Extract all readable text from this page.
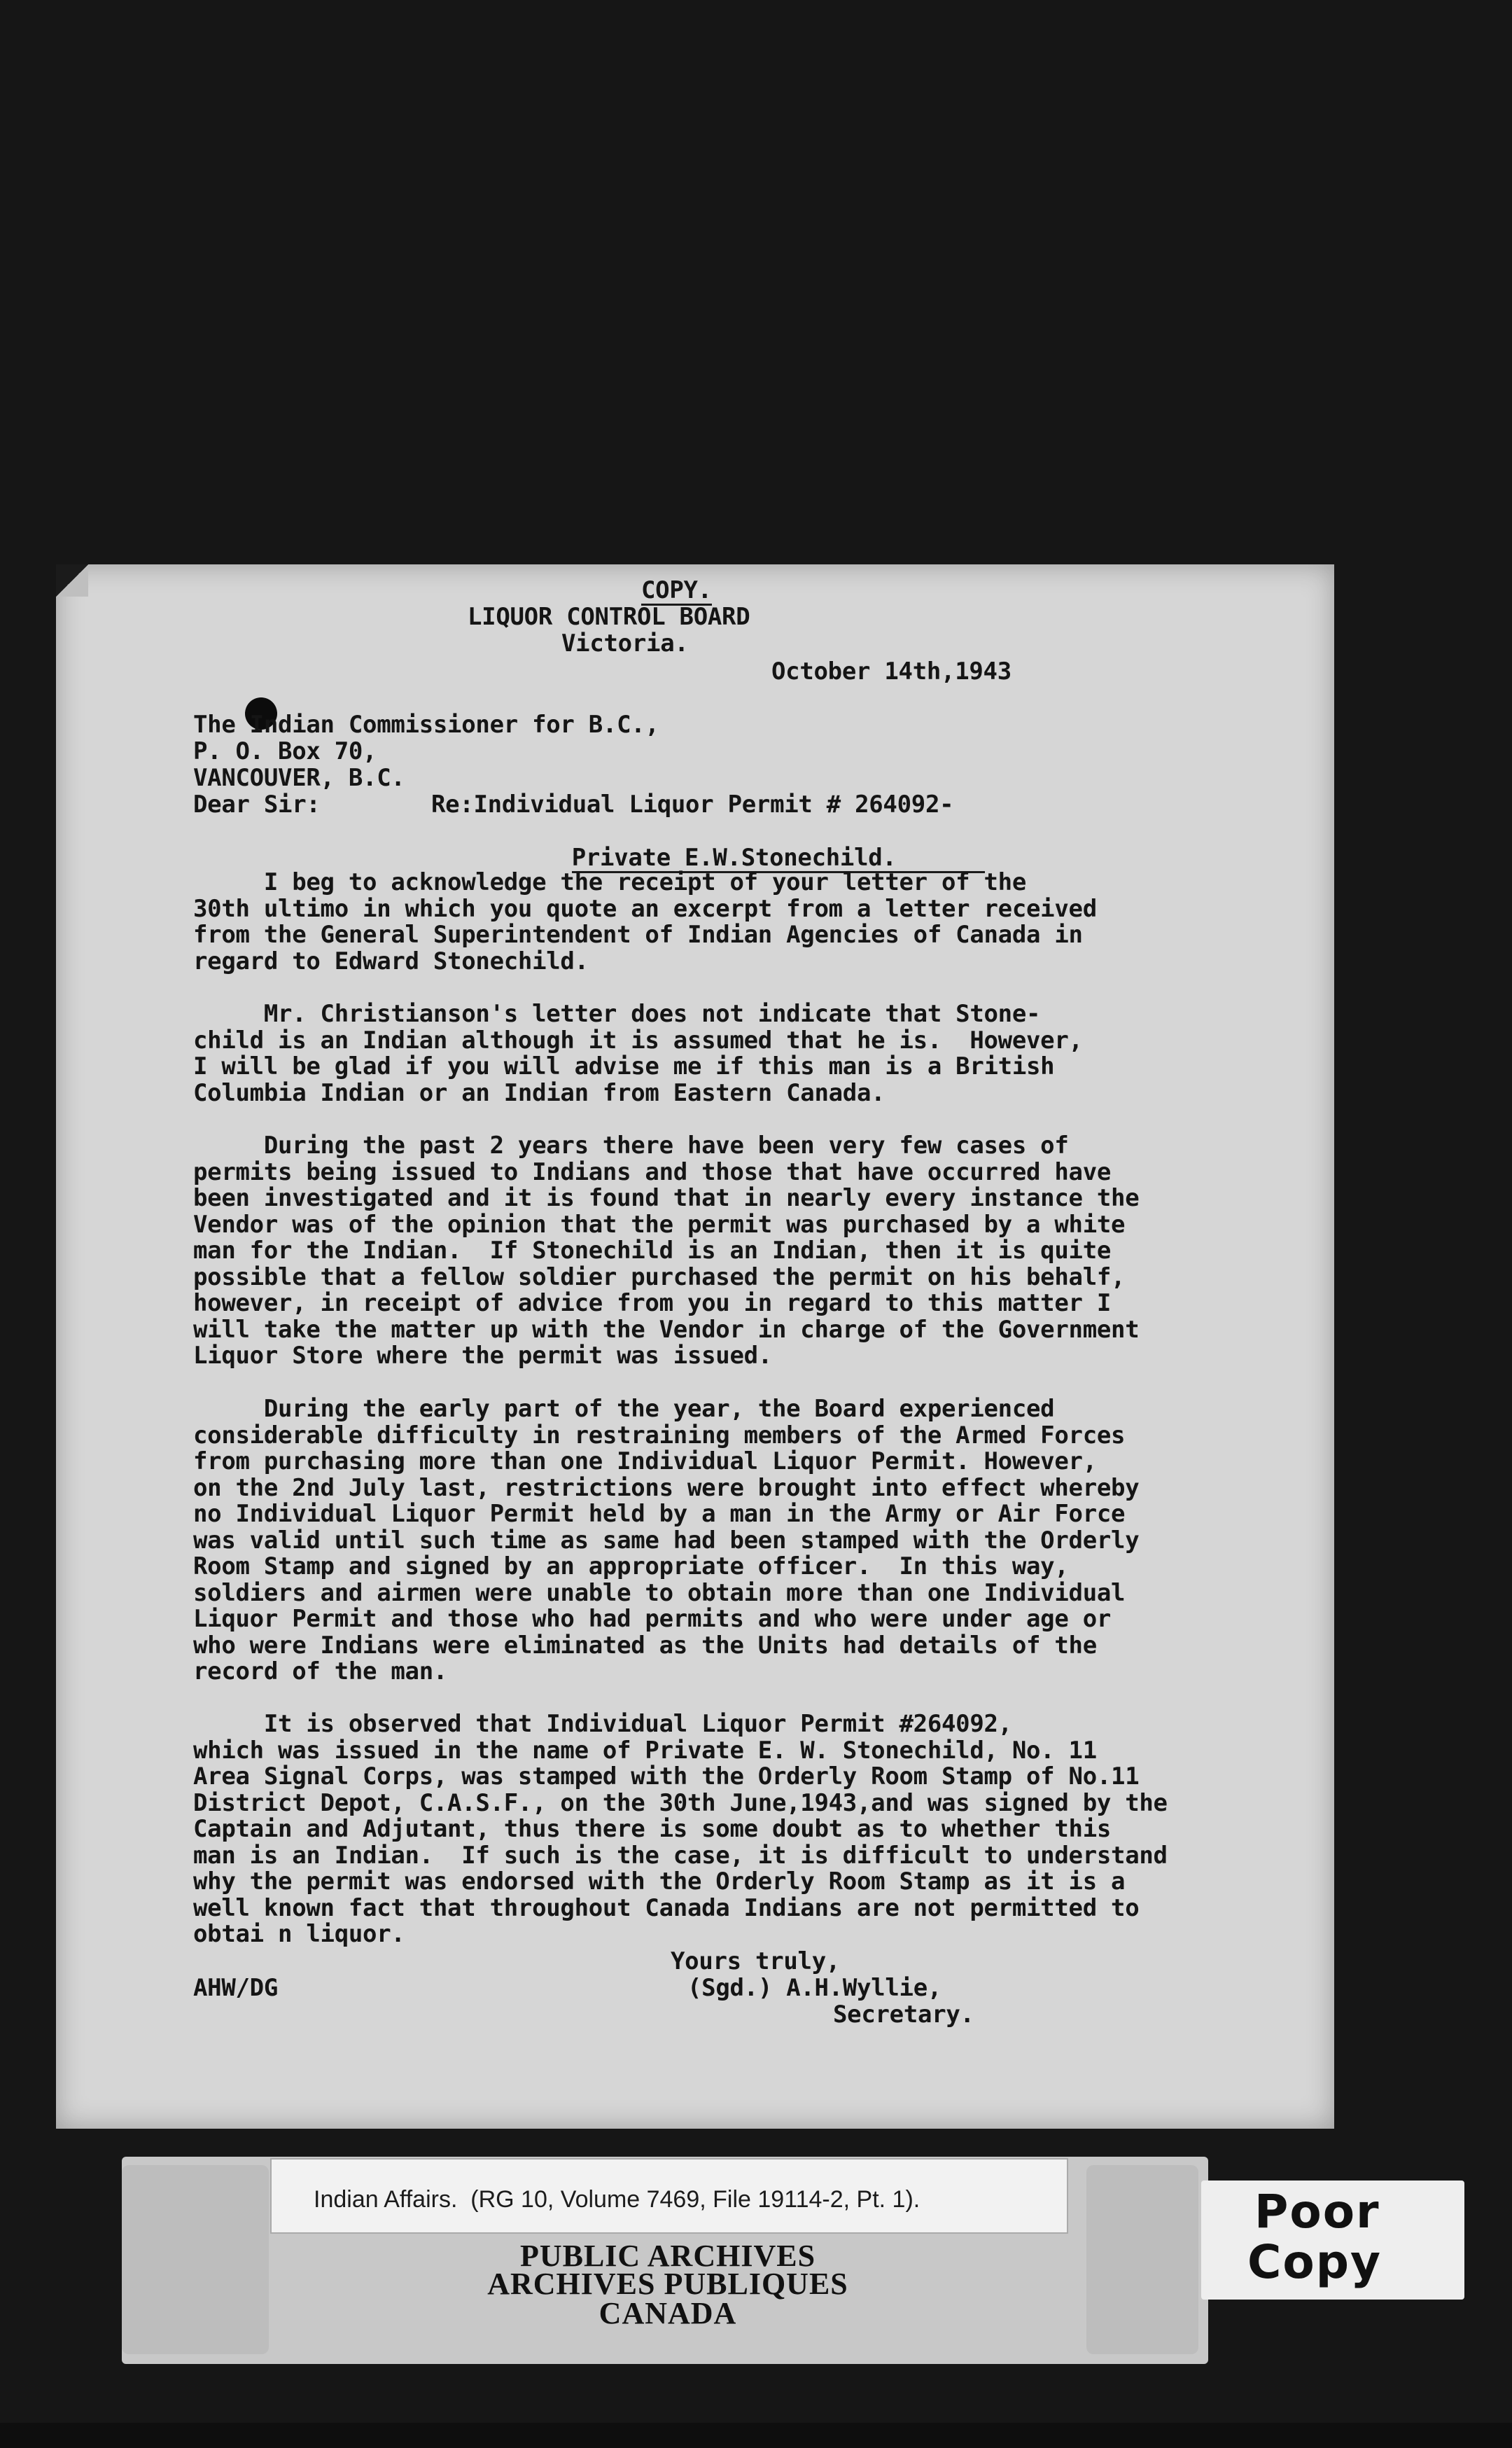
COPY.
LIQUOR CONTROL BOARD
Victoria.
October 14th,1943
The Indian Commissioner for B.C.,
P. O. Box 70,
VANCOUVER, B.C.
Dear Sir:	Re:Individual Liquor Permit # 264092-

Private E.W.Stonechild.

I beg to acknowledge the receipt of your letter of the
30th ultimo in which you quote an excerpt from a letter received
from the General Superintendent of Indian Agencies of Canada in
regard to Edward Stonechild.
Mr. Christianson's letter does not indicate that Stone-
child is an Indian although it is assumed that he is.  However,
I will be glad if you will advise me if this man is a British
Columbia Indian or an Indian from Eastern Canada.
During the past 2 years there have been very few cases of
permits being issued to Indians and those that have occurred have
been investigated and it is found that in nearly every instance the
Vendor was of the opinion that the permit was purchased by a white
man for the Indian.  If Stonechild is an Indian, then it is quite
possible that a fellow soldier purchased the permit on his behalf,
however, in receipt of advice from you in regard to this matter I
will take the matter up with the Vendor in charge of the Government
Liquor Store where the permit was issued.
During the early part of the year, the Board experienced
considerable difficulty in restraining members of the Armed Forces
from purchasing more than one Individual Liquor Permit. However,
on the 2nd July last, restrictions were brought into effect whereby
no Individual Liquor Permit held by a man in the Army or Air Force
was valid until such time as same had been stamped with the Orderly
Room Stamp and signed by an appropriate officer.  In this way,
soldiers and airmen were unable to obtain more than one Individual
Liquor Permit and those who had permits and who were under age or
who were Indians were eliminated as the Units had details of the
record of the man.
It is observed that Individual Liquor Permit #264092,
which was issued in the name of Private E. W. Stonechild, No. 11
Area Signal Corps, was stamped with the Orderly Room Stamp of No.11
District Depot, C.A.S.F., on the 30th June,1943,and was signed by the
Captain and Adjutant, thus there is some doubt as to whether this
man is an Indian.  If such is the case, it is difficult to understand
why the permit was endorsed with the Orderly Room Stamp as it is a
well known fact that throughout Canada Indians are not permitted to
obtai n liquor.
Yours truly,
(Sgd.) A.H.Wyllie,
Secretary.
AHW/DG
Indian Affairs.  (RG 10, Volume 7469, File 19114-2, Pt. 1).
PUBLIC ARCHIVES
ARCHIVES PUBLIQUES
CANADA
Poor
Copy
